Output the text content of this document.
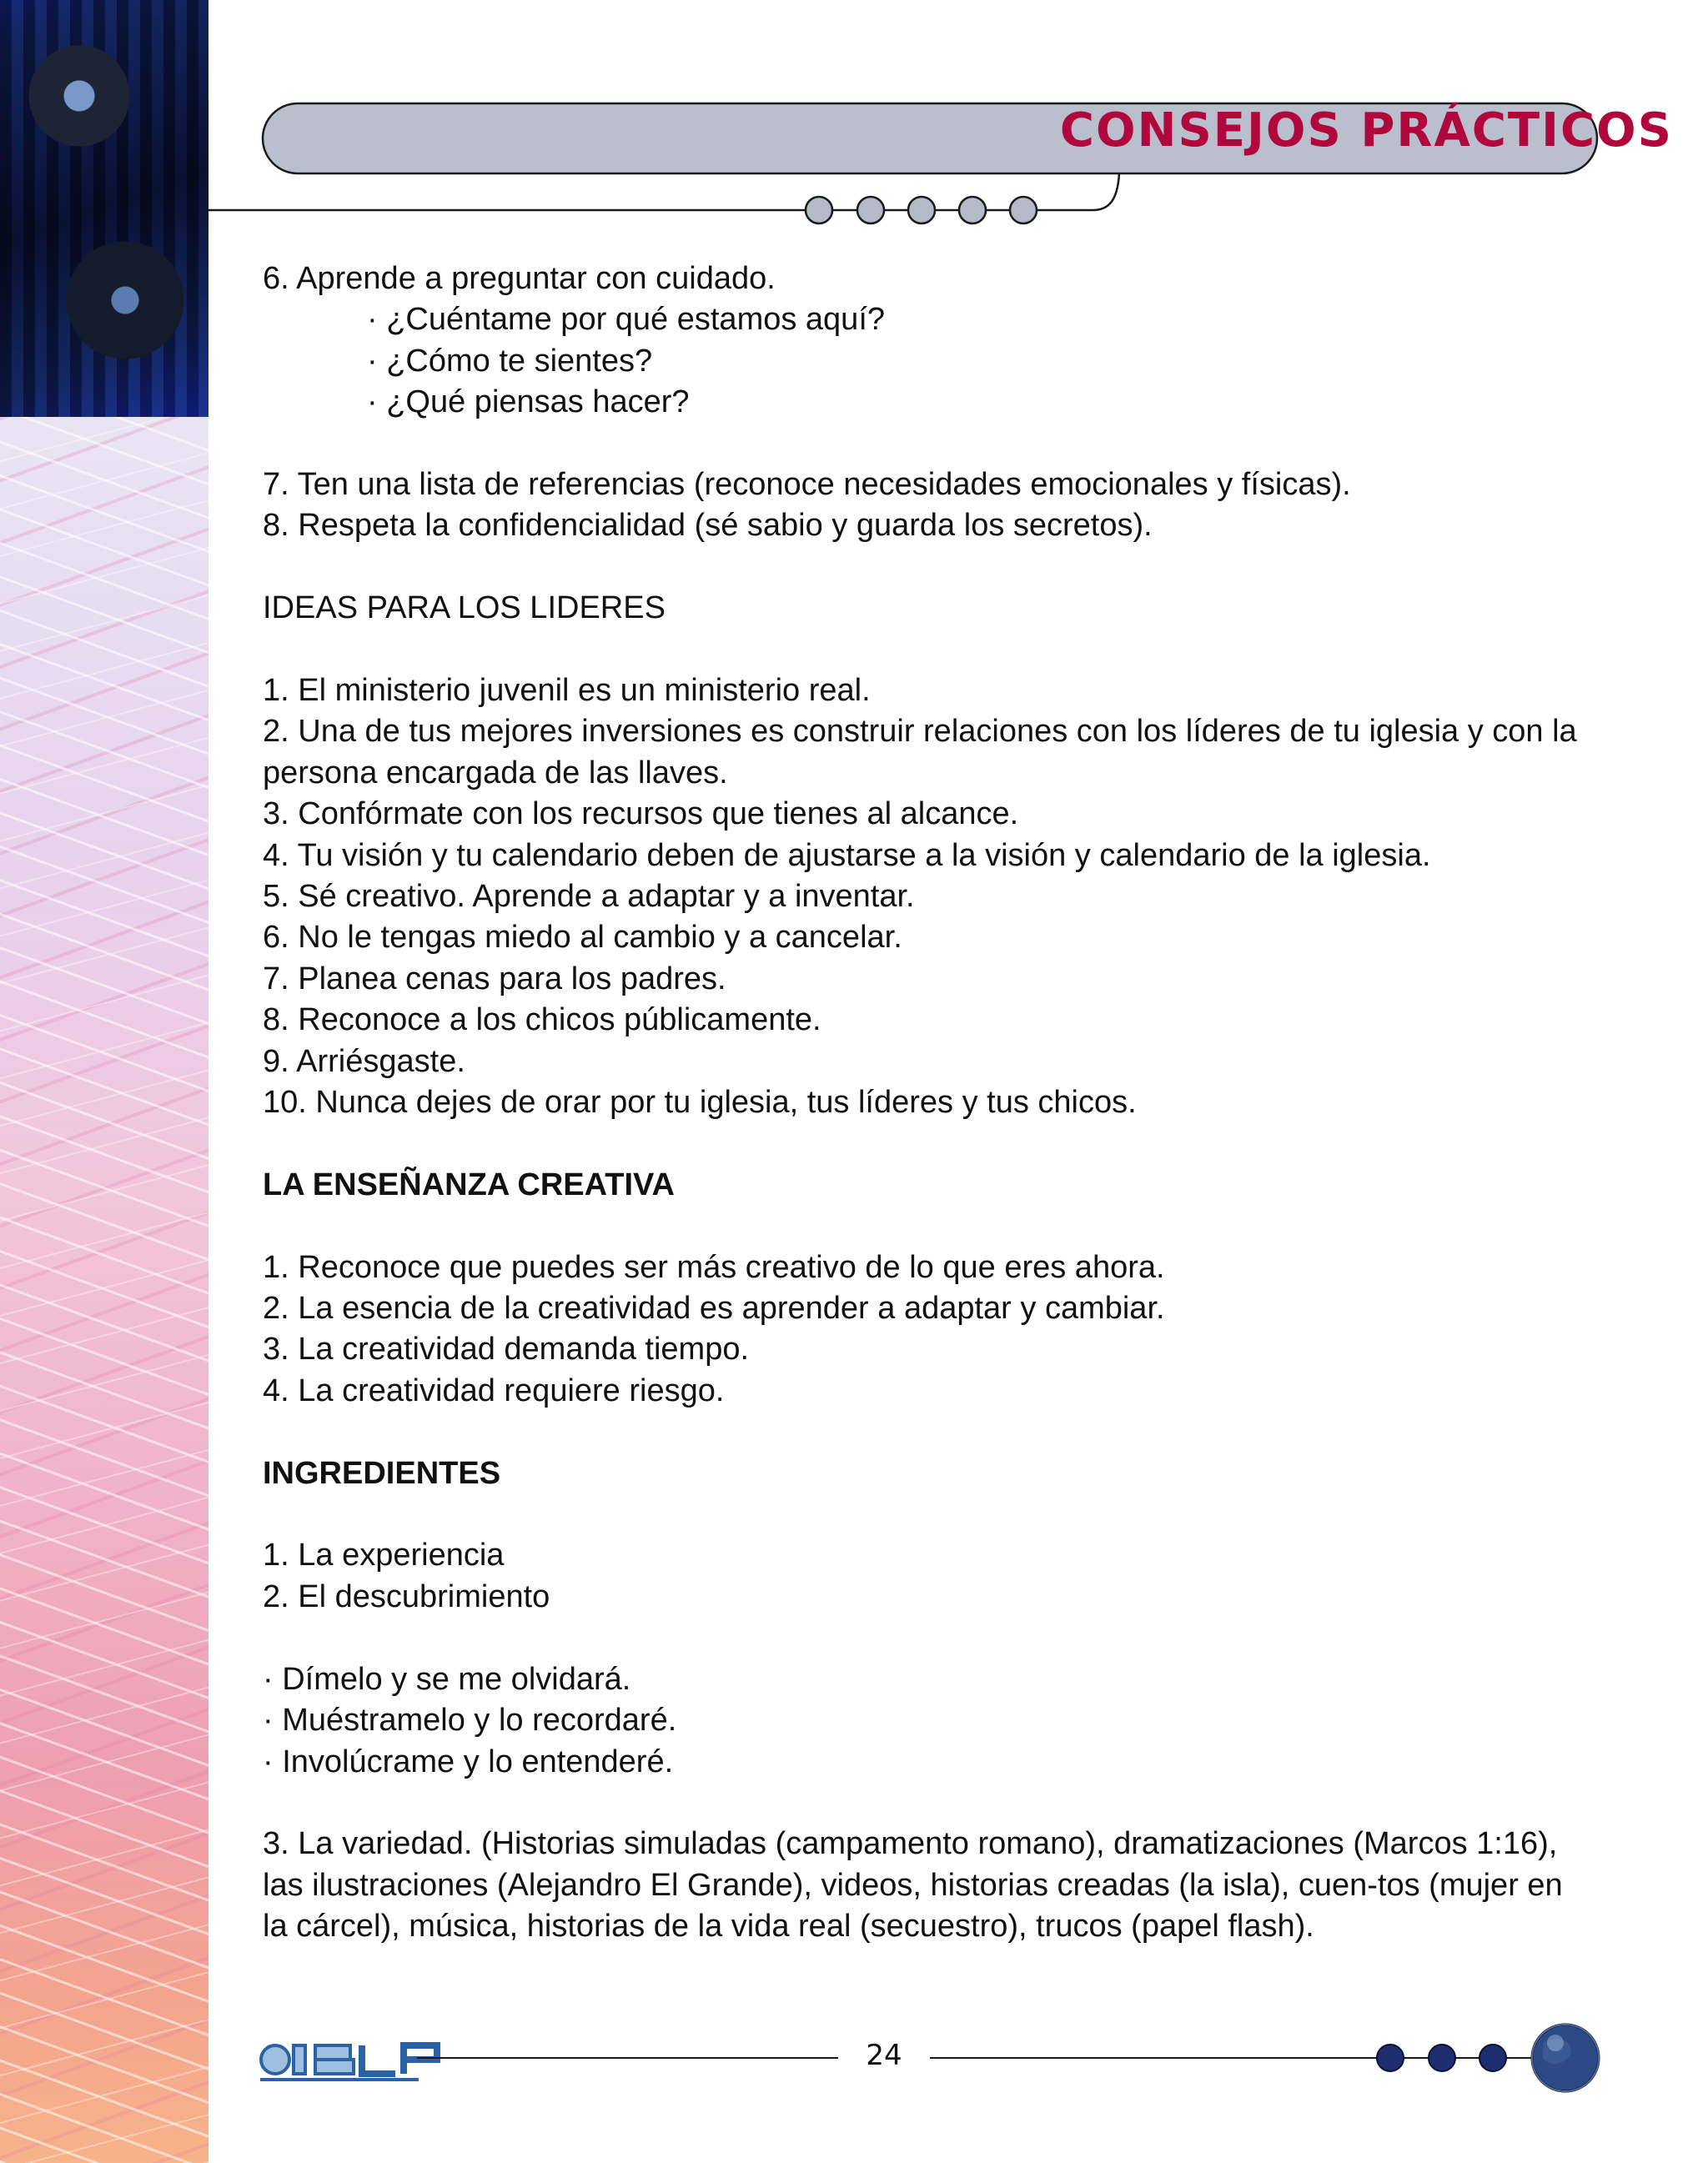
CONSEJOS PRÁCTICOS

6. Aprende a preguntar con cuidado.

· ¿Cuéntame por qué estamos aquí?

· ¿Cómo te sientes?

· ¿Qué piensas hacer?

7. Ten una lista de referencias (reconoce necesidades emocionales y físicas).

8. Respeta la confidencialidad (sé sabio y guarda los secretos).

IDEAS PARA LOS LIDERES

1. El ministerio juvenil es un ministerio real.

2. Una de tus mejores inversiones es construir relaciones con los líderes de tu iglesia y con la persona encargada de las llaves.

3. Confórmate con los recursos que tienes al alcance.

4. Tu visión y tu calendario deben de ajustarse a la visión y calendario de la iglesia.

5. Sé creativo. Aprende a adaptar y a inventar.

6. No le tengas miedo al cambio y a cancelar.

7. Planea cenas para los padres.

8. Reconoce a los chicos públicamente.

9. Arriésgaste.

10. Nunca dejes de orar por tu iglesia, tus líderes y tus chicos.

LA ENSEÑANZA CREATIVA

1. Reconoce que puedes ser más creativo de lo que eres ahora.

2. La esencia de la creatividad es aprender a adaptar y cambiar.

3. La creatividad demanda tiempo.

4. La creatividad requiere riesgo.

INGREDIENTES

1. La experiencia

2. El descubrimiento

· Dímelo y se me olvidará.

· Muéstramelo y lo recordaré.

· Involúcrame y lo entenderé.

3. La variedad. (Historias simuladas (campamento romano), dramatizaciones (Marcos 1:16), las ilustraciones (Alejandro El Grande), videos, historias creadas (la isla), cuen-tos (mujer en la cárcel), música, historias de la vida real (secuestro), trucos (papel flash).

24
